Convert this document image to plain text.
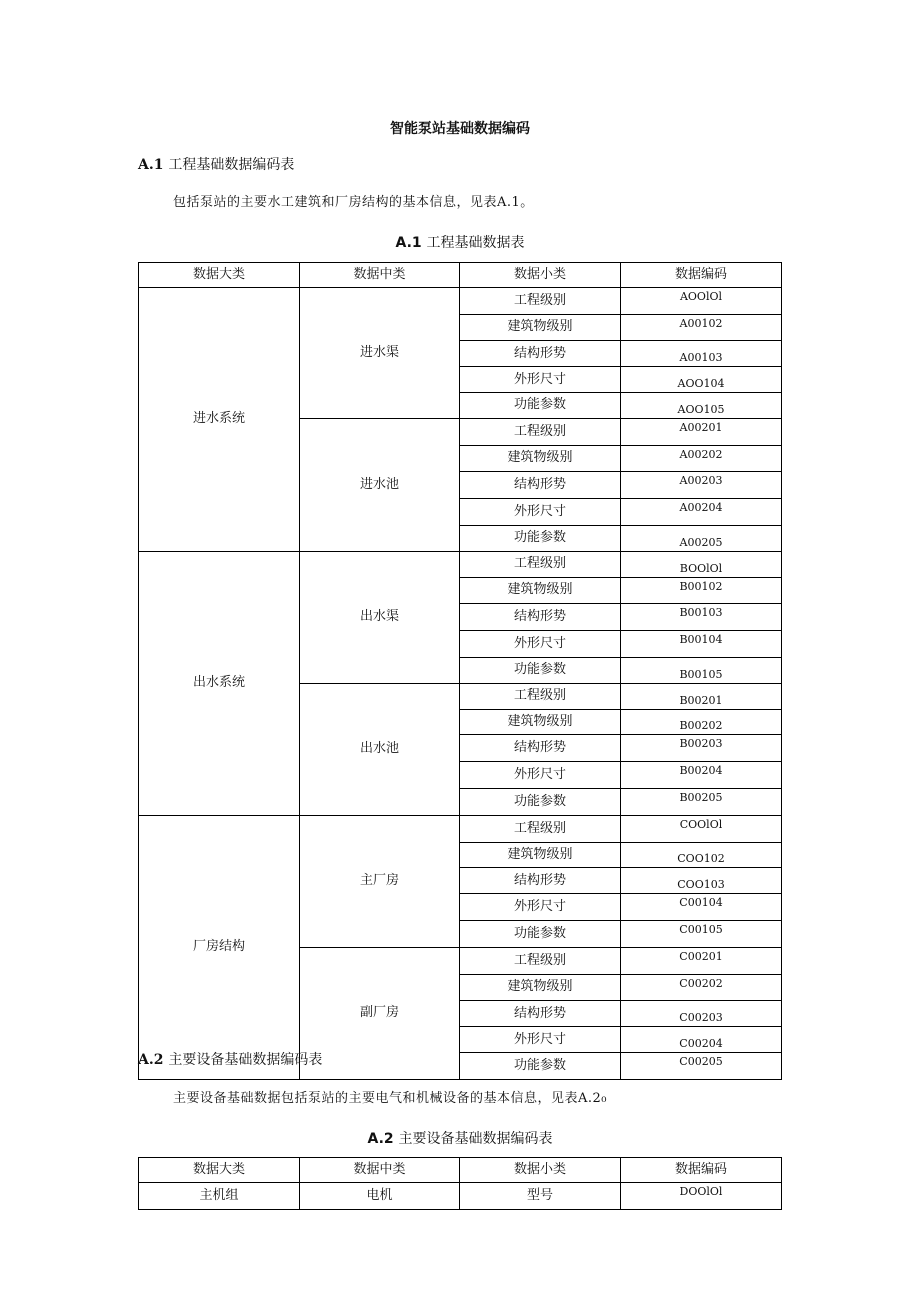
智能泵站基础数据编码
A.1 工程基础数据编码表
包括泵站的主要水工建筑和厂房结构的基本信息，见表A.1。
A.1 工程基础数据表
数据大类	数据中类	数据小类	数据编码
进水系统	进水渠	工程级别	AOOlOl
		建筑物级别	A00102
		结构形势	A00103
		外形尺寸	AOO104
		功能参数	AOO105
	进水池	工程级别	A00201
		建筑物级别	A00202
		结构形势	A00203
		外形尺寸	A00204
		功能参数	A00205
出水系统	出水渠	工程级别	BOOlOl
		建筑物级别	B00102
		结构形势	B00103
		外形尺寸	B00104
		功能参数	B00105
	出水池	工程级别	B00201
		建筑物级别	B00202
		结构形势	B00203
		外形尺寸	B00204
		功能参数	B00205
厂房结构	主厂房	工程级别	COOlOl
		建筑物级别	COO102
		结构形势	COO103
		外形尺寸	C00104
		功能参数	C00105
	副厂房	工程级别	C00201
		建筑物级别	C00202
		结构形势	C00203
		外形尺寸	C00204
		功能参数	C00205
A.2 主要设备基础数据编码表
主要设备基础数据包括泵站的主要电气和机械设备的基本信息，见表A.2₀
A.2 主要设备基础数据编码表
数据大类	数据中类	数据小类	数据编码
主机组	电机	型号	DOOlOl
